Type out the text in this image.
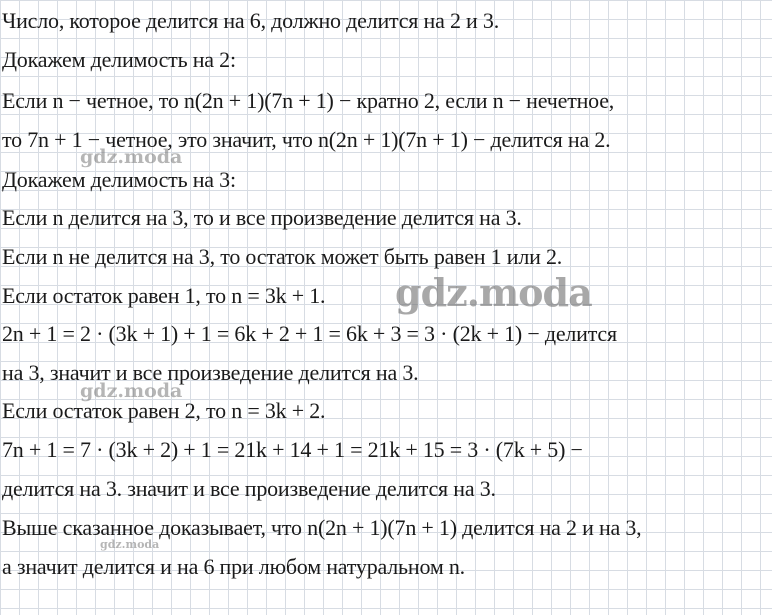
Число, которое делится на 6, должно делится на 2 и 3.
Докажем делимость на 2:
Если n − четное, то n(2n + 1)(7n + 1) − кратно 2, если n − нечетное,
то 7n + 1 − четное, это значит, что n(2n + 1)(7n + 1) − делится на 2.
Докажем делимость на 3:
Если n делится на 3, то и все произведение делится на 3.
Если n не делится на 3, то остаток может быть равен 1 или 2.
Если остаток равен 1, то n = 3k + 1.
2n + 1 = 2 · (3k + 1) + 1 = 6k + 2 + 1 = 6k + 3 = 3 · (2k + 1) − делится
на 3, значит и все произведение делится на 3.
Если остаток равен 2, то n = 3k + 2.
7n + 1 = 7 · (3k + 2) + 1 = 21k + 14 + 1 = 21k + 15 = 3 · (7k + 5) −
делится на 3. значит и все произведение делится на 3.
Выше сказанное доказывает, что n(2n + 1)(7n + 1) делится на 2 и на 3,
а значит делится и на 6 при любом натуральном n.
gdz.moda
gdz.moda
gdz.moda
gdz.moda
